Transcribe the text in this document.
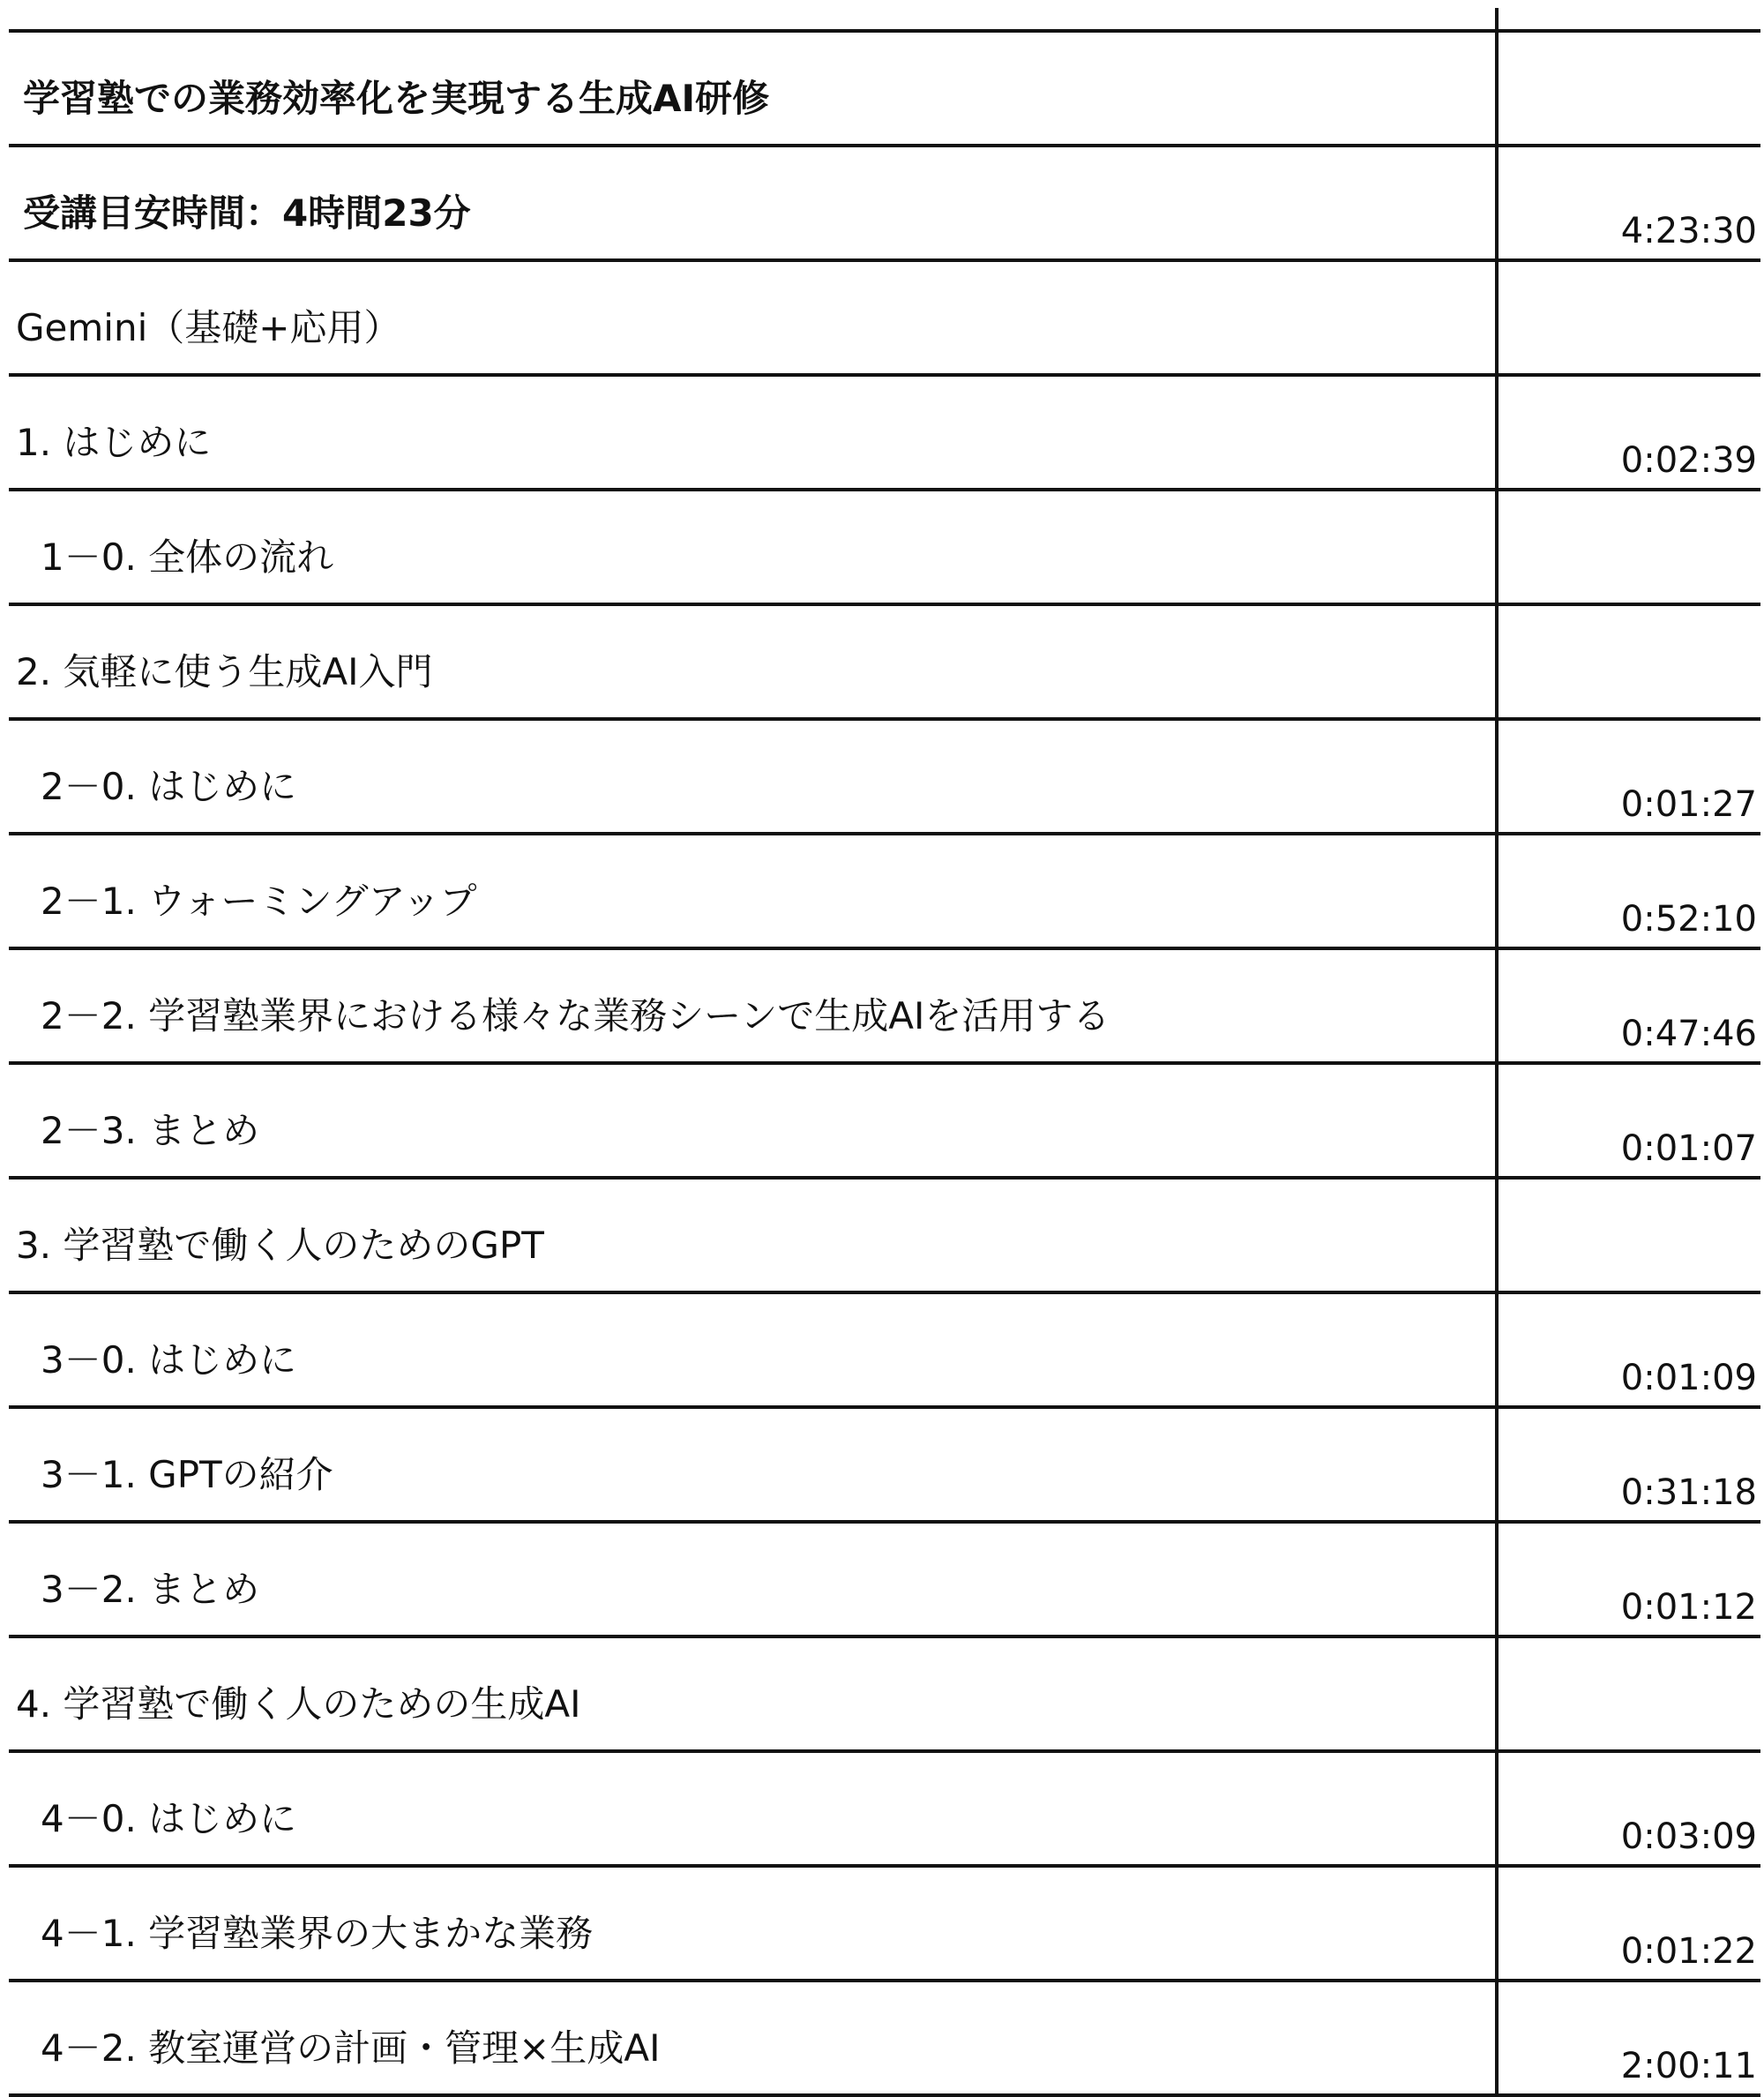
学習塾での業務効率化を実現する生成AI研修	
受講目安時間：4時間23分	4:23:30
Gemini（基礎+応用）	
1. はじめに	0:02:39
1－0. 全体の流れ	
2. 気軽に使う生成AI入門	
2－0. はじめに	0:01:27
2－1. ウォーミングアップ	0:52:10
2－2. 学習塾業界における様々な業務シーンで生成AIを活用する	0:47:46
2－3. まとめ	0:01:07
3. 学習塾で働く人のためのGPT	
3－0. はじめに	0:01:09
3－1. GPTの紹介	0:31:18
3－2. まとめ	0:01:12
4. 学習塾で働く人のための生成AI	
4－0. はじめに	0:03:09
4－1. 学習塾業界の大まかな業務	0:01:22
4－2. 教室運営の計画・管理×生成AI	2:00:11
